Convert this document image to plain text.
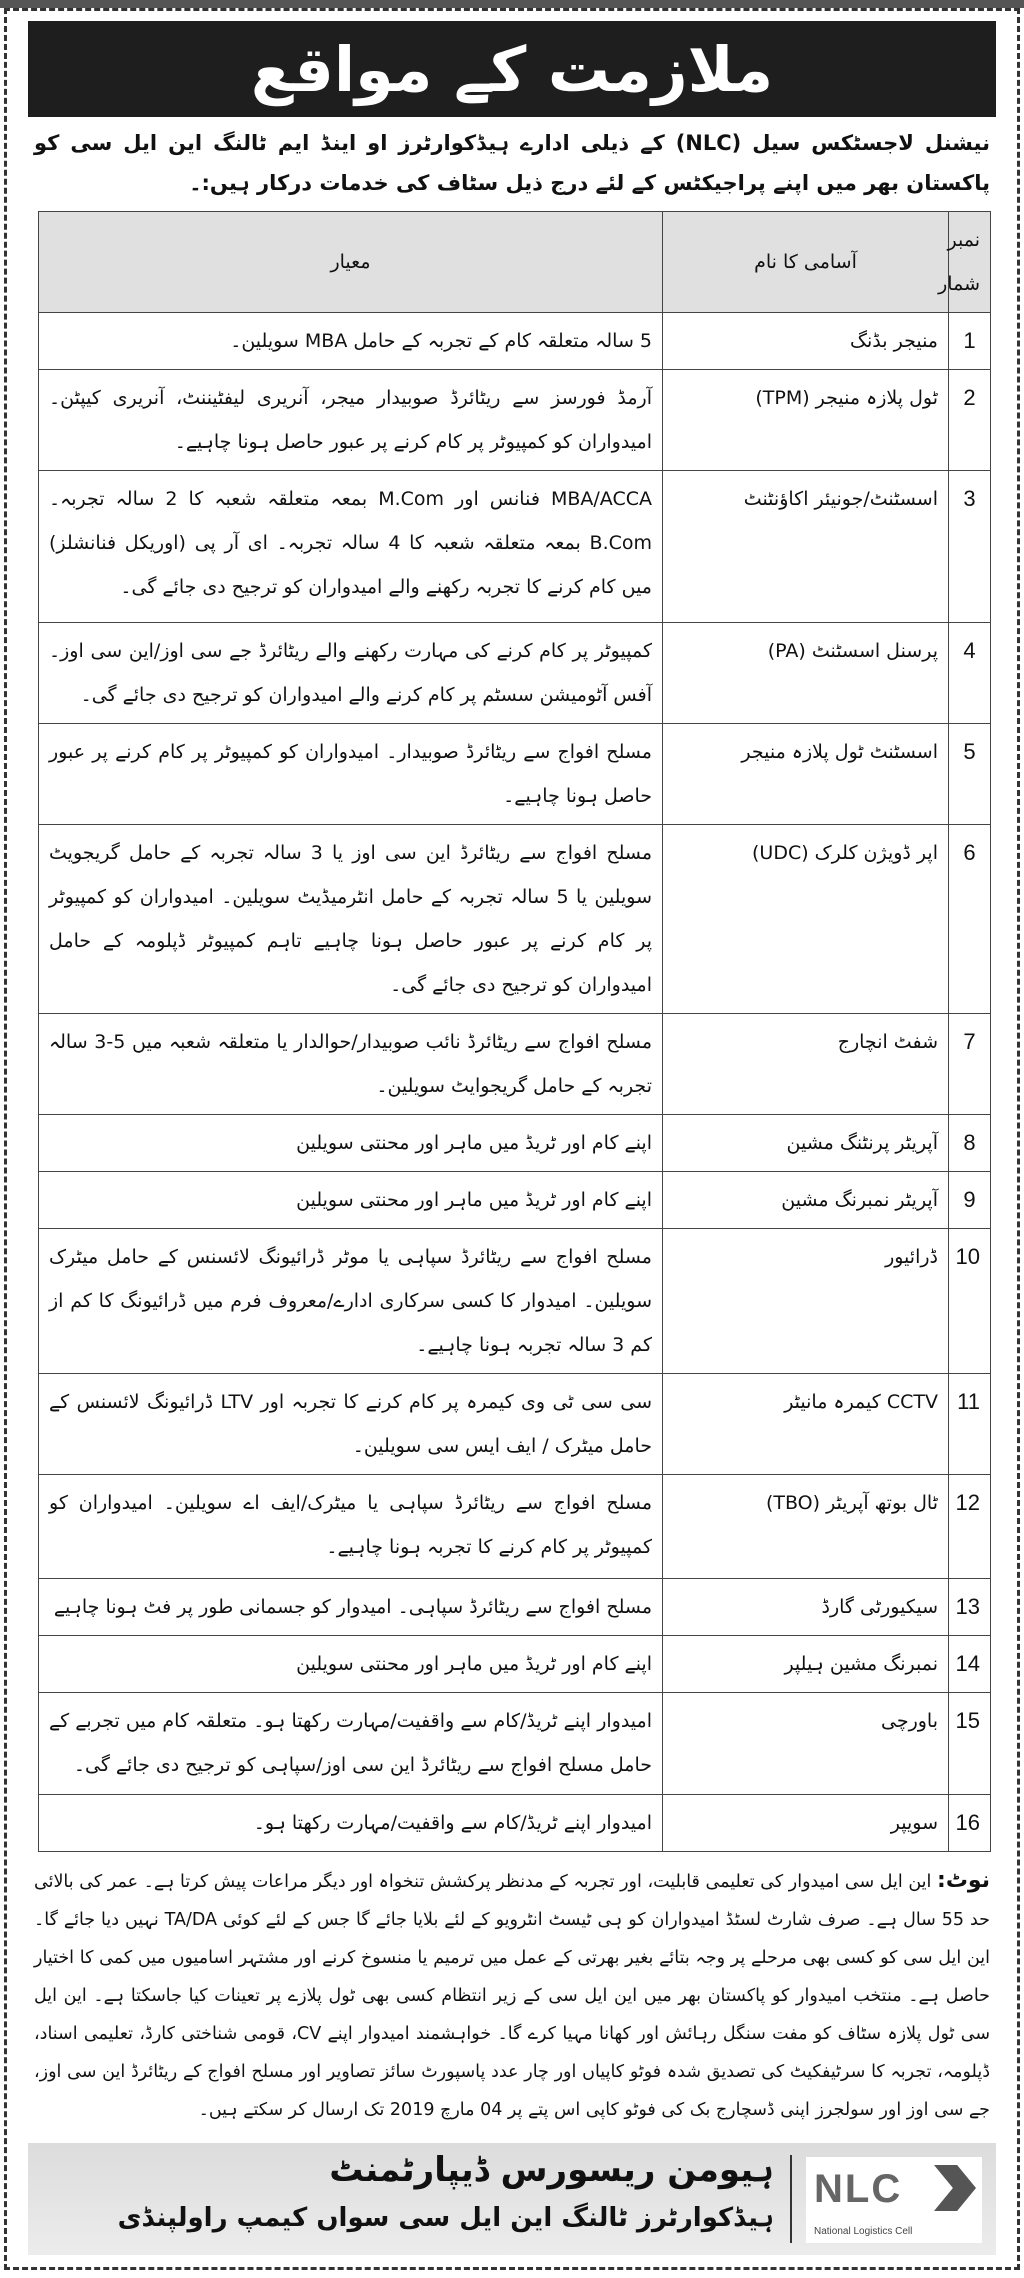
ملازمت کے مواقع
نیشنل لاجسٹکس سیل (NLC) کے ذیلی ادارے ہیڈکوارٹرز او اینڈ ایم ٹالنگ این ایل سی کو پاکستان بھر میں اپنے پراجیکٹس کے لئے درج ذیل سٹاف کی خدمات درکار ہیں:۔
نمبر شمار	آسامی کا نام	معیار
1	منیجر بڈنگ	5 سالہ متعلقہ کام کے تجربہ کے حامل MBA سویلین۔
2	ٹول پلازہ منیجر (TPM)	آرمڈ فورسز سے ریٹائرڈ صوبیدار میجر، آنریری لیفٹیننٹ، آنریری کیپٹن۔ امیدواران کو کمپیوٹر پر کام کرنے پر عبور حاصل ہونا چاہیے۔
3	اسسٹنٹ/جونیئر اکاؤنٹنٹ	MBA/ACCA فنانس اور M.Com بمعہ متعلقہ شعبہ کا 2 سالہ تجربہ۔ B.Com بمعہ متعلقہ شعبہ کا 4 سالہ تجربہ۔ ای آر پی (اوریکل فنانشلز) میں کام کرنے کا تجربہ رکھنے والے امیدواران کو ترجیح دی جائے گی۔
4	پرسنل اسسٹنٹ (PA)	کمپیوٹر پر کام کرنے کی مہارت رکھنے والے ریٹائرڈ جے سی اوز/این سی اوز۔ آفس آٹومیشن سسٹم پر کام کرنے والے امیدواران کو ترجیح دی جائے گی۔
5	اسسٹنٹ ٹول پلازہ منیجر	مسلح افواج سے ریٹائرڈ صوبیدار۔ امیدواران کو کمپیوٹر پر کام کرنے پر عبور حاصل ہونا چاہیے۔
6	اپر ڈویژن کلرک (UDC)	مسلح افواج سے ریٹائرڈ این سی اوز یا 3 سالہ تجربہ کے حامل گریجویٹ سویلین یا 5 سالہ تجربہ کے حامل انٹرمیڈیٹ سویلین۔ امیدواران کو کمپیوٹر پر کام کرنے پر عبور حاصل ہونا چاہیے تاہم کمپیوٹر ڈپلومہ کے حامل امیدواران کو ترجیح دی جائے گی۔
7	شفٹ انچارج	مسلح افواج سے ریٹائرڈ نائب صوبیدار/حوالدار یا متعلقہ شعبہ میں 5-3 سالہ تجربہ کے حامل گریجوایٹ سویلین۔
8	آپریٹر پرنٹنگ مشین	اپنے کام اور ٹریڈ میں ماہر اور محنتی سویلین
9	آپریٹر نمبرنگ مشین	اپنے کام اور ٹریڈ میں ماہر اور محنتی سویلین
10	ڈرائیور	مسلح افواج سے ریٹائرڈ سپاہی یا موٹر ڈرائیونگ لائسنس کے حامل میٹرک سویلین۔ امیدوار کا کسی سرکاری ادارے/معروف فرم میں ڈرائیونگ کا کم از کم 3 سالہ تجربہ ہونا چاہیے۔
11	CCTV کیمرہ مانیٹر	سی سی ٹی وی کیمرہ پر کام کرنے کا تجربہ اور LTV ڈرائیونگ لائسنس کے حامل میٹرک / ایف ایس سی سویلین۔
12	ٹال بوتھ آپریٹر (TBO)	مسلح افواج سے ریٹائرڈ سپاہی یا میٹرک/ایف اے سویلین۔ امیدواران کو کمپیوٹر پر کام کرنے کا تجربہ ہونا چاہیے۔
13	سیکیورٹی گارڈ	مسلح افواج سے ریٹائرڈ سپاہی۔ امیدوار کو جسمانی طور پر فٹ ہونا چاہیے
14	نمبرنگ مشین ہیلپر	اپنے کام اور ٹریڈ میں ماہر اور محنتی سویلین
15	باورچی	امیدوار اپنے ٹریڈ/کام سے واقفیت/مہارت رکھتا ہو۔ متعلقہ کام میں تجربے کے حامل مسلح افواج سے ریٹائرڈ این سی اوز/سپاہی کو ترجیح دی جائے گی۔
16	سویپر	امیدوار اپنے ٹریڈ/کام سے واقفیت/مہارت رکھتا ہو۔
نوٹ: این ایل سی امیدوار کی تعلیمی قابلیت، اور تجربہ کے مدنظر پرکشش تنخواہ اور دیگر مراعات پیش کرتا ہے۔ عمر کی بالائی حد 55 سال ہے۔ صرف شارٹ لسٹڈ امیدواران کو ہی ٹیسٹ انٹرویو کے لئے بلایا جائے گا جس کے لئے کوئی TA/DA نہیں دیا جائے گا۔ این ایل سی کو کسی بھی مرحلے پر وجہ بتائے بغیر بھرتی کے عمل میں ترمیم یا منسوخ کرنے اور مشتہر اسامیوں میں کمی کا اختیار حاصل ہے۔ منتخب امیدوار کو پاکستان بھر میں این ایل سی کے زیر انتظام کسی بھی ٹول پلازے پر تعینات کیا جاسکتا ہے۔ این ایل سی ٹول پلازہ سٹاف کو مفت سنگل رہائش اور کھانا مہیا کرے گا۔ خواہشمند امیدوار اپنے CV، قومی شناختی کارڈ، تعلیمی اسناد، ڈپلومہ، تجربہ کا سرٹیفکیٹ کی تصدیق شدہ فوٹو کاپیاں اور چار عدد پاسپورٹ سائز تصاویر اور مسلح افواج کے ریٹائرڈ این سی اوز، جے سی اوز اور سولجرز اپنی ڈسچارج بک کی فوٹو کاپی اس پتے پر 04 مارچ 2019 تک ارسال کر سکتے ہیں۔
NLC
National Logistics Cell
ہیومن ریسورس ڈیپارٹمنٹ
ہیڈکوارٹرز ٹالنگ این ایل سی سواں کیمپ راولپنڈی
